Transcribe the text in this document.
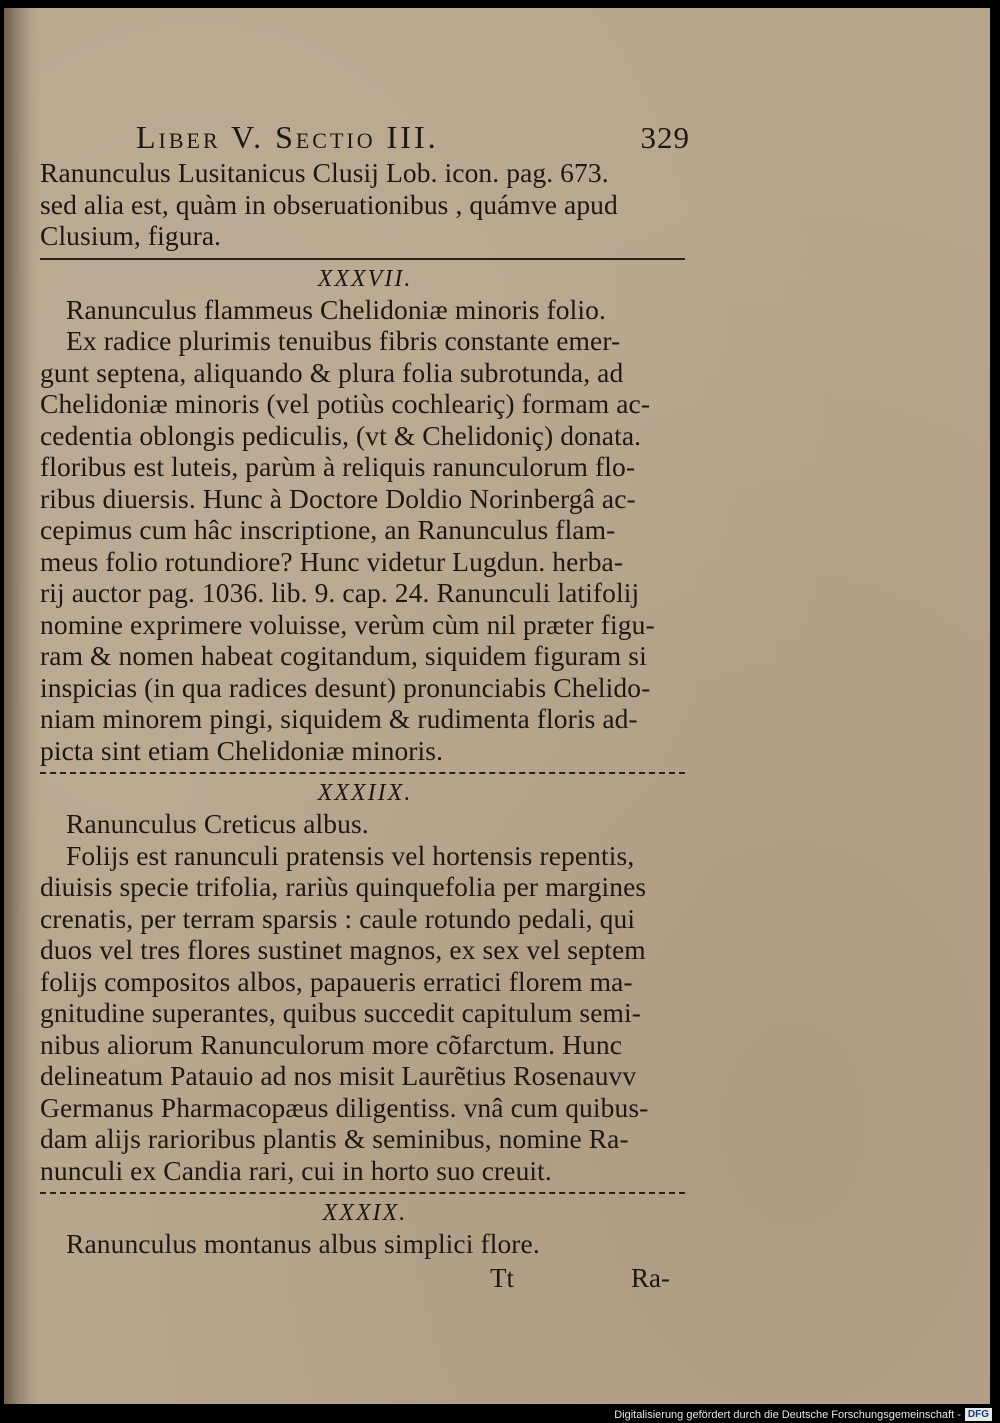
Liber V. Sectio III.	329
Ranunculus Lusitanicus Clusij Lob. icon. pag. 673.
sed alia est, quàm in obseruationibus , quámve apud
Clusium, figura.
XXXVII.
Ranunculus flammeus Chelidoniæ minoris folio.
Ex radice plurimis tenuibus fibris constante emer-
gunt septena, aliquando & plura folia subrotunda, ad
Chelidoniæ minoris (vel potiùs cochleariç) formam ac-
cedentia oblongis pediculis, (vt & Chelidoniç) donata.
floribus est luteis, parùm à reliquis ranunculorum flo-
ribus diuersis. Hunc à Doctore Doldio Norinbergâ ac-
cepimus cum hâc inscriptione, an Ranunculus flam-
meus folio rotundiore? Hunc videtur Lugdun. herba-
rij auctor pag. 1036. lib. 9. cap. 24. Ranunculi latifolij
nomine exprimere voluisse, verùm cùm nil præter figu-
ram & nomen habeat cogitandum, siquidem figuram si
inspicias (in qua radices desunt) pronunciabis Chelido-
niam minorem pingi, siquidem & rudimenta floris ad-
picta sint etiam Chelidoniæ minoris.
XXXIIX.
Ranunculus Creticus albus.
Folijs est ranunculi pratensis vel hortensis repentis,
diuisis specie trifolia, rariùs quinquefolia per margines
crenatis, per terram sparsis : caule rotundo pedali, qui
duos vel tres flores sustinet magnos, ex sex vel septem
folijs compositos albos, papaueris erratici florem ma-
gnitudine superantes, quibus succedit capitulum semi-
nibus aliorum Ranunculorum more cõfarctum. Hunc
delineatum Patauio ad nos misit Laurẽtius Rosenauvv
Germanus Pharmacopæus diligentiss. vnâ cum quibus-
dam alijs rarioribus plantis & seminibus, nomine Ra-
nunculi ex Candia rari, cui in horto suo creuit.
XXXIX.
Ranunculus montanus albus simplici flore.
Tt	Ra-
Digitalisierung gefördert durch die Deutsche Forschungsgemeinschaft - DFG
